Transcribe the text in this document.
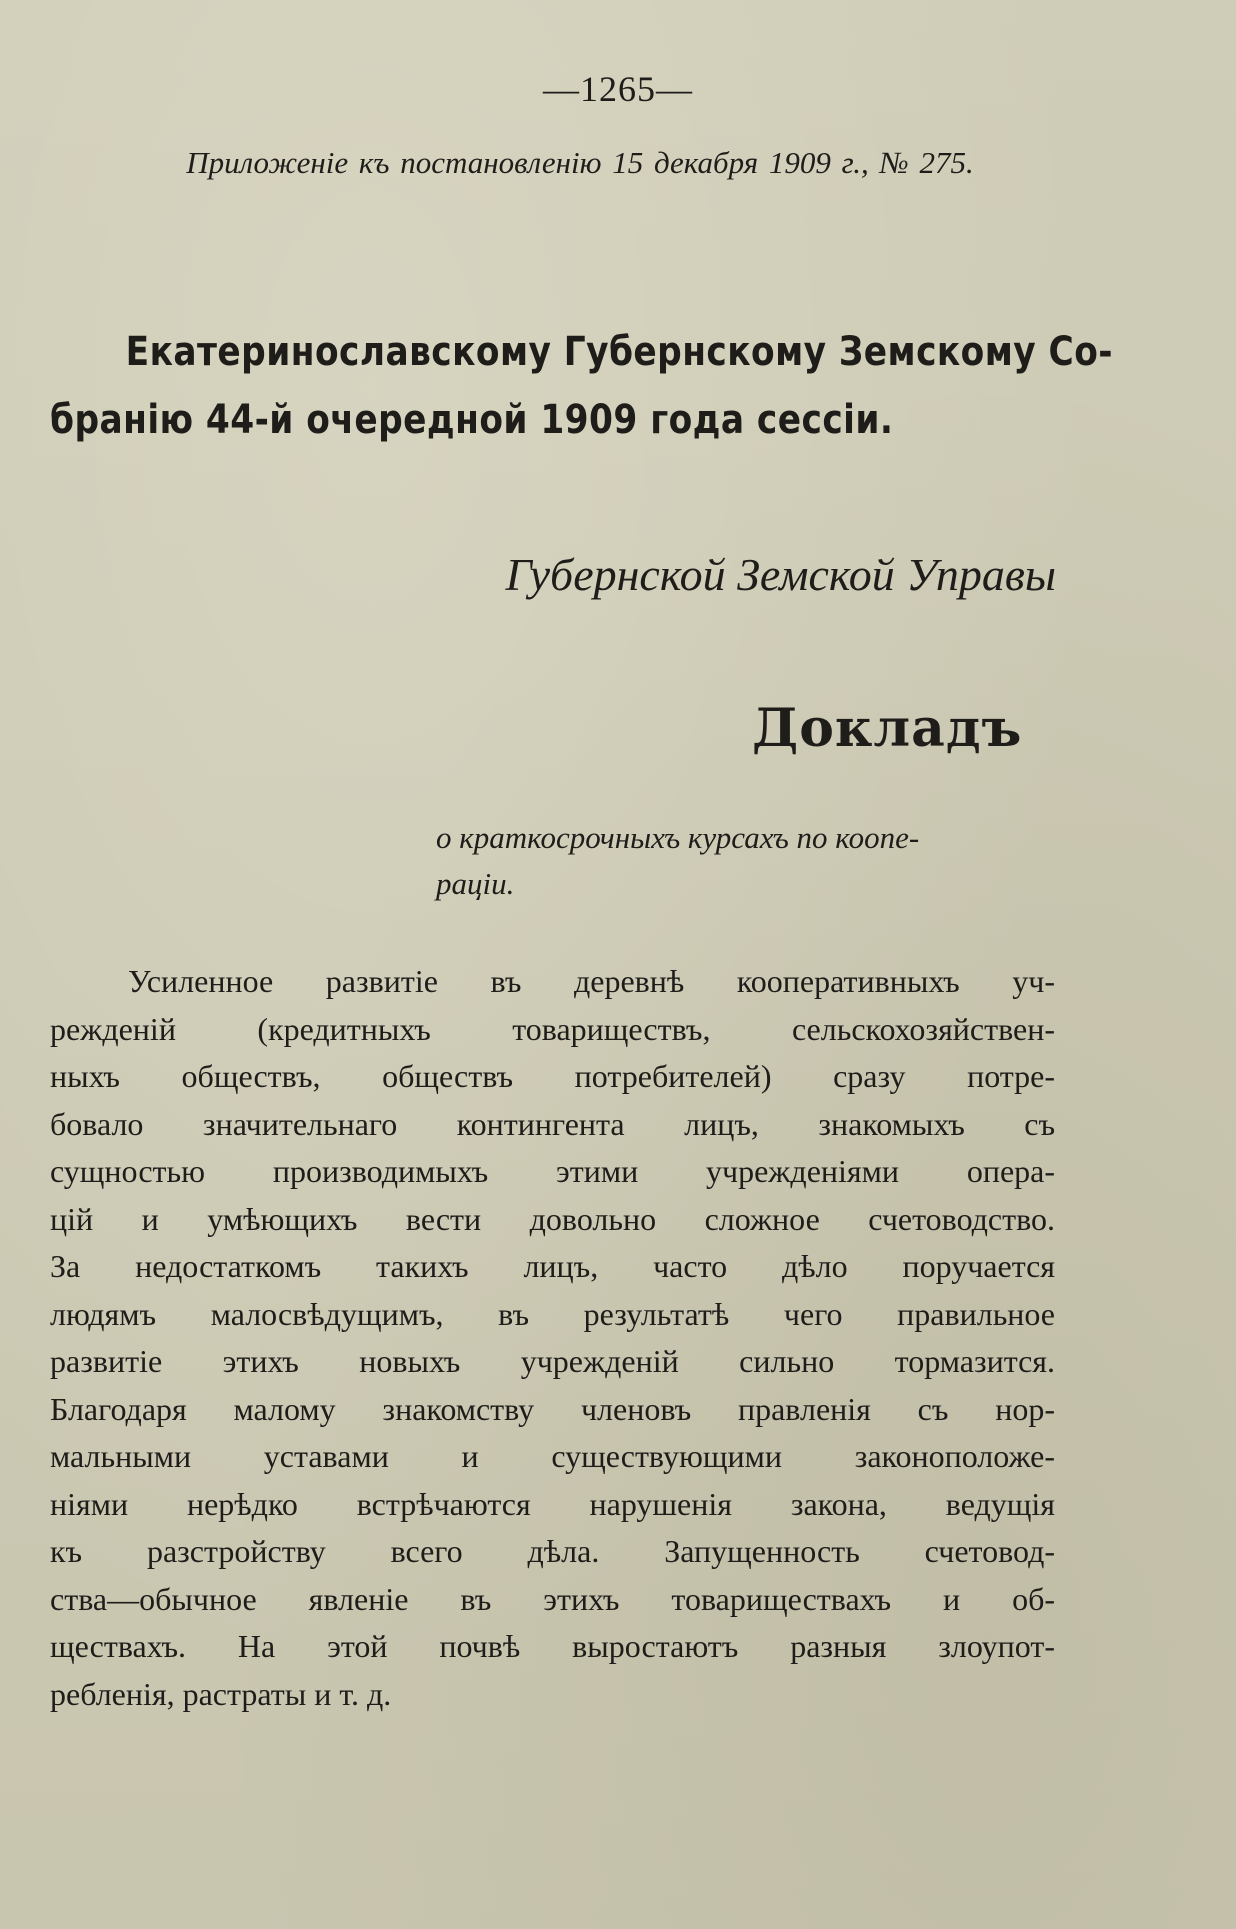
—1265—
Приложеніе къ постановленію 15 декабря 1909 г., № 275.
Екатеринославскому Губернскому Земскому Со-
бранію 44-й очередной 1909 года сессіи.
Губернской Земской Управы
Докладъ
о краткосрочныхъ курсахъ по коопе-
раціи.
Усиленное развитіе въ деревнѣ кооперативныхъ уч-
режденій (кредитныхъ товариществъ, сельскохозяйствен-
ныхъ обществъ, обществъ потребителей) сразу потре-
бовало значительнаго контингента лицъ, знакомыхъ съ
сущностью производимыхъ этими учрежденіями опера-
цій и умѣющихъ вести довольно сложное счетоводство.
За недостаткомъ такихъ лицъ, часто дѣло поручается
людямъ малосвѣдущимъ, въ результатѣ чего правильное
развитіе этихъ новыхъ учрежденій сильно тормазится.
Благодаря малому знакомству членовъ правленія съ нор-
мальными уставами и существующими законоположе-
ніями нерѣдко встрѣчаются нарушенія закона, ведущія
къ разстройству всего дѣла. Запущенность счетовод-
ства—обычное явленіе въ этихъ товариществахъ и об-
ществахъ. На этой почвѣ выростаютъ разныя злоупот-
ребленія, растраты и т. д.
